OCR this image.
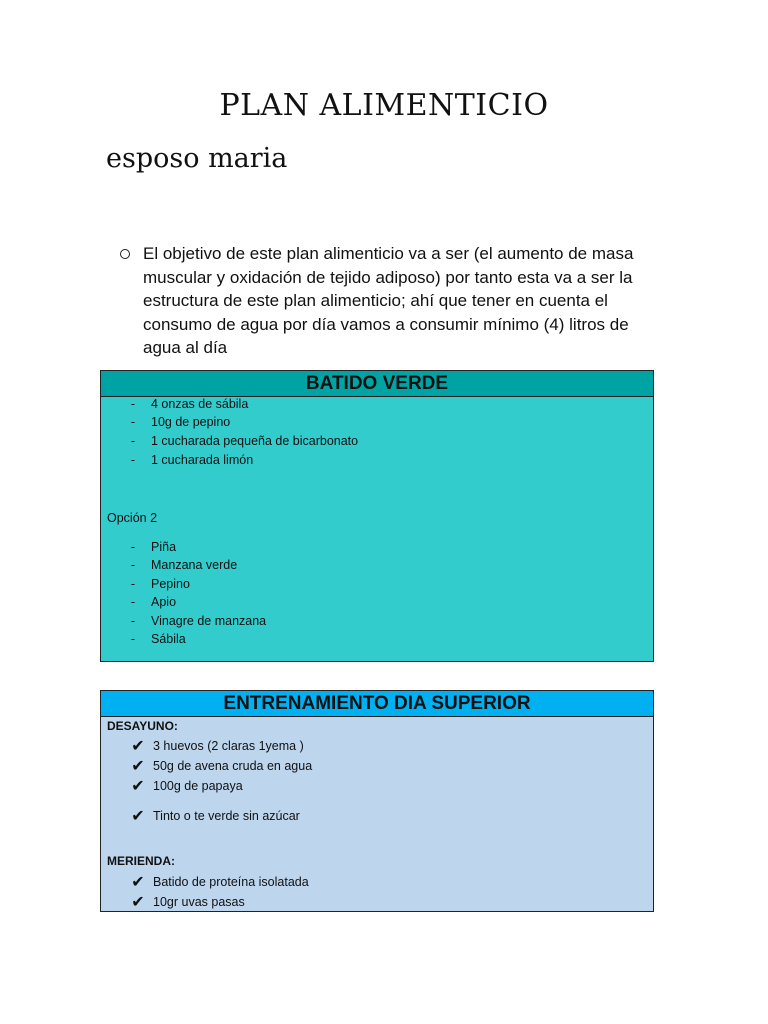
PLAN ALIMENTICIO
esposo maria
El objetivo de este plan alimenticio va a ser (el aumento de masa muscular y oxidación de tejido adiposo) por tanto esta va a ser la estructura de este plan alimenticio; ahí que tener en cuenta el consumo de agua por día vamos a consumir mínimo (4) litros de agua al día
BATIDO VERDE
-	4 onzas de sábila
-	10g de pepino
-	1 cucharada pequeña de bicarbonato
-	1 cucharada limón
Opción 2
-	Piña
-	Manzana verde
-	Pepino
-	Apio
-	Vinagre de manzana
-	Sábila
ENTRENAMIENTO DIA SUPERIOR
DESAYUNO:
✔ 3 huevos (2 claras 1yema )
✔ 50g de avena cruda en agua
✔ 100g de papaya
✔ Tinto o te verde sin azúcar
MERIENDA:
✔ Batido de proteína isolatada
✔ 10gr uvas pasas
